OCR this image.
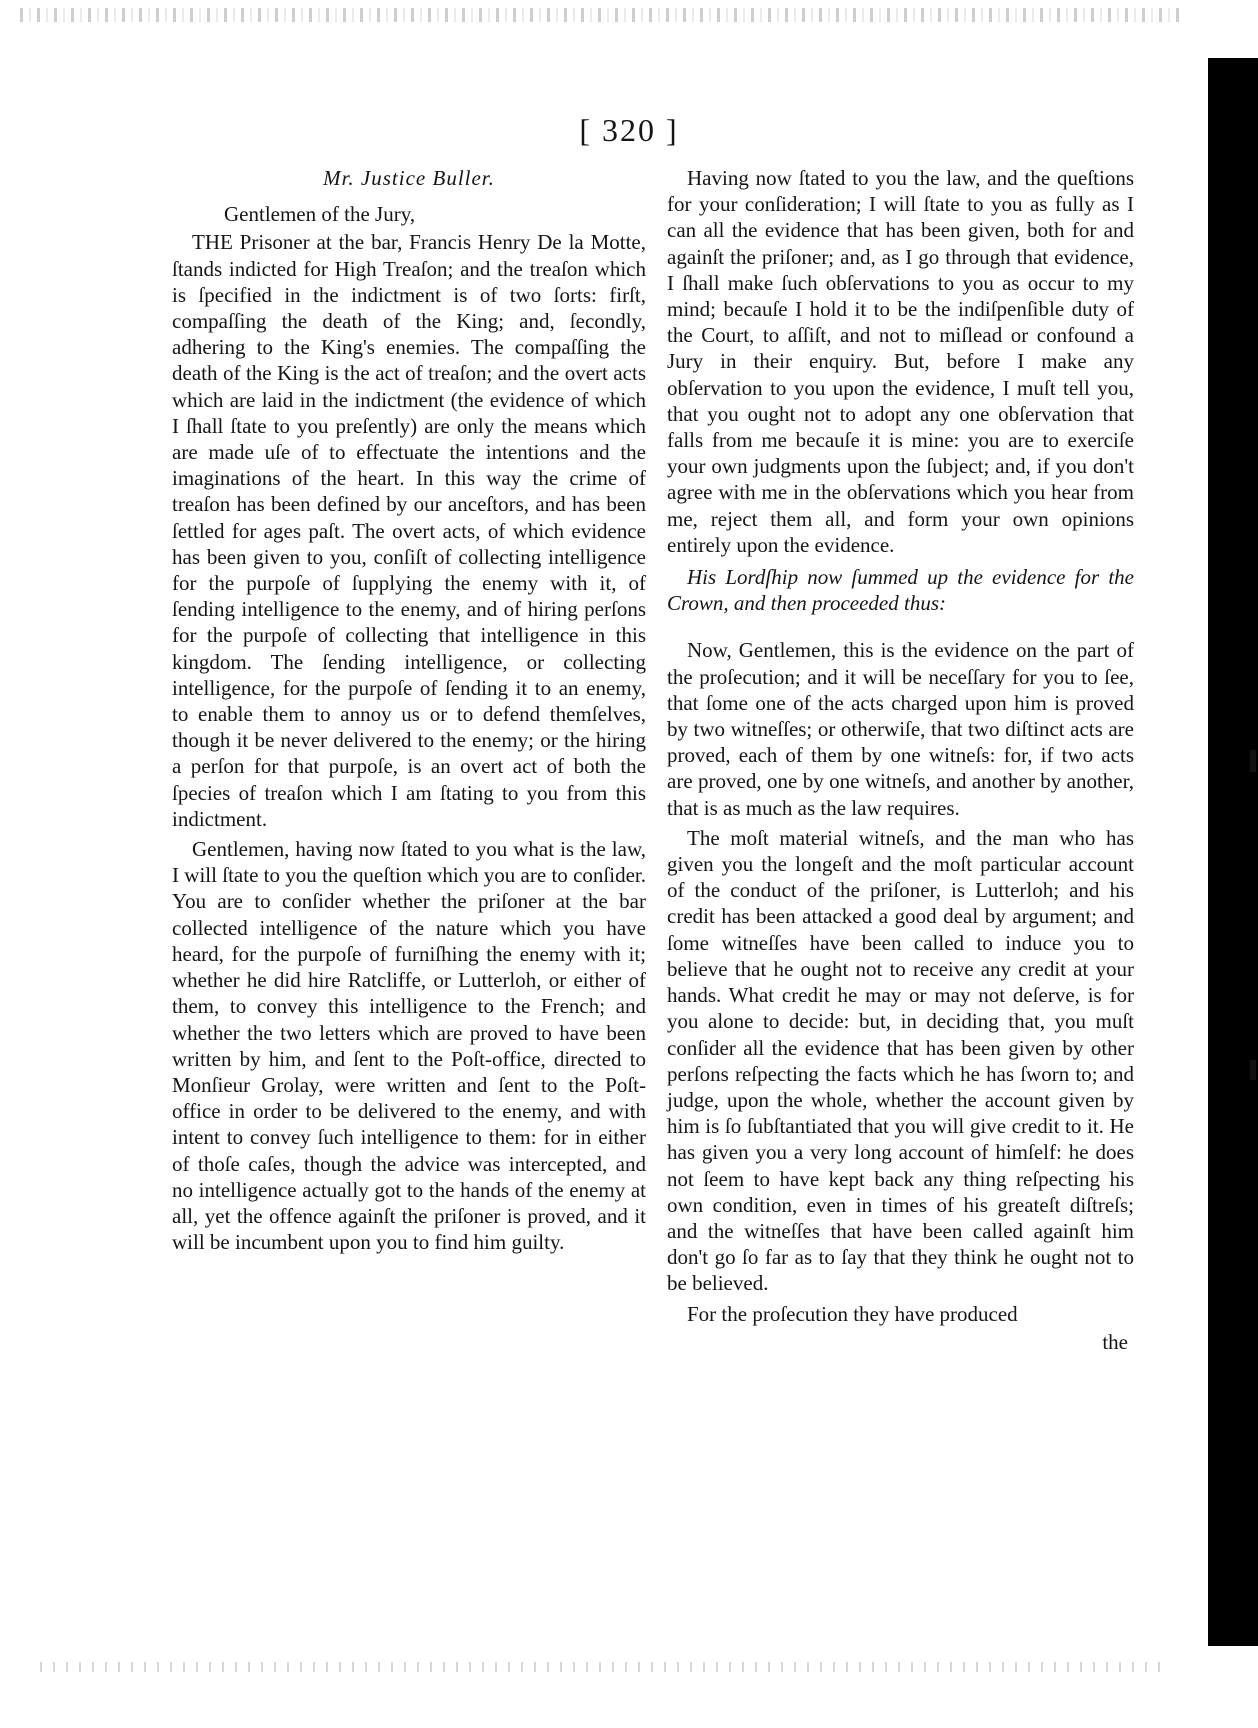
[ 320 ]
Mr. Justice Buller.
Gentlemen of the Jury,

THE Prisoner at the bar, Francis Henry De la Motte, ſtands indicted for High Treaſon; and the treaſon which is ſpecified in the indictment is of two ſorts: firſt, compaſſing the death of the King; and, ſecondly, adhering to the King's enemies. The compaſſing the death of the King is the act of treaſon; and the overt acts which are laid in the indictment (the evidence of which I ſhall ſtate to you preſently) are only the means which are made uſe of to effectuate the intentions and the imaginations of the heart. In this way the crime of treaſon has been defined by our anceſtors, and has been ſettled for ages paſt. The overt acts, of which evidence has been given to you, conſiſt of collecting intelligence for the purpoſe of ſupplying the enemy with it, of ſending intelligence to the enemy, and of hiring perſons for the purpoſe of collecting that intelligence in this kingdom. The ſending intelligence, or collecting intelligence, for the purpoſe of ſending it to an enemy, to enable them to annoy us or to defend themſelves, though it be never delivered to the enemy; or the hiring a perſon for that purpoſe, is an overt act of both the ſpecies of treaſon which I am ſtating to you from this indictment.

Gentlemen, having now ſtated to you what is the law, I will ſtate to you the queſtion which you are to conſider. You are to conſider whether the priſoner at the bar collected intelligence of the nature which you have heard, for the purpoſe of furniſhing the enemy with it; whether he did hire Ratcliffe, or Lutterloh, or either of them, to convey this intelligence to the French; and whether the two letters which are proved to have been written by him, and ſent to the Poſt-office, directed to Monſieur Grolay, were written and ſent to the Poſt-office in order to be delivered to the enemy, and with intent to convey ſuch intelligence to them: for in either of thoſe caſes, though the advice was intercepted, and no intelligence actually got to the hands of the enemy at all, yet the offence againſt the priſoner is proved, and it will be incumbent upon you to find him guilty.

Having now ſtated to you the law, and the queſtions for your conſideration; I will ſtate to you as fully as I can all the evidence that has been given, both for and againſt the priſoner; and, as I go through that evidence, I ſhall make ſuch obſervations to you as occur to my mind; becauſe I hold it to be the indiſpenſible duty of the Court, to aſſiſt, and not to miſlead or confound a Jury in their enquiry. But, before I make any obſervation to you upon the evidence, I muſt tell you, that you ought not to adopt any one obſervation that falls from me becauſe it is mine: you are to exerciſe your own judgments upon the ſubject; and, if you don't agree with me in the obſervations which you hear from me, reject them all, and form your own opinions entirely upon the evidence.

His Lordſhip now ſummed up the evidence for the Crown, and then proceeded thus:

Now, Gentlemen, this is the evidence on the part of the proſecution; and it will be neceſſary for you to ſee, that ſome one of the acts charged upon him is proved by two witneſſes; or otherwiſe, that two diſtinct acts are proved, each of them by one witneſs: for, if two acts are proved, one by one witneſs, and another by another, that is as much as the law requires.

The moſt material witneſs, and the man who has given you the longeſt and the moſt particular account of the conduct of the priſoner, is Lutterloh; and his credit has been attacked a good deal by argument; and ſome witneſſes have been called to induce you to believe that he ought not to receive any credit at your hands. What credit he may or may not deſerve, is for you alone to decide: but, in deciding that, you muſt conſider all the evidence that has been given by other perſons reſpecting the facts which he has ſworn to; and judge, upon the whole, whether the account given by him is ſo ſubſtantiated that you will give credit to it. He has given you a very long account of himſelf: he does not ſeem to have kept back any thing reſpecting his own condition, even in times of his greateſt diſtreſs; and the witneſſes that have been called againſt him don't go ſo far as to ſay that they think he ought not to be believed.

For the proſecution they have produced

the
